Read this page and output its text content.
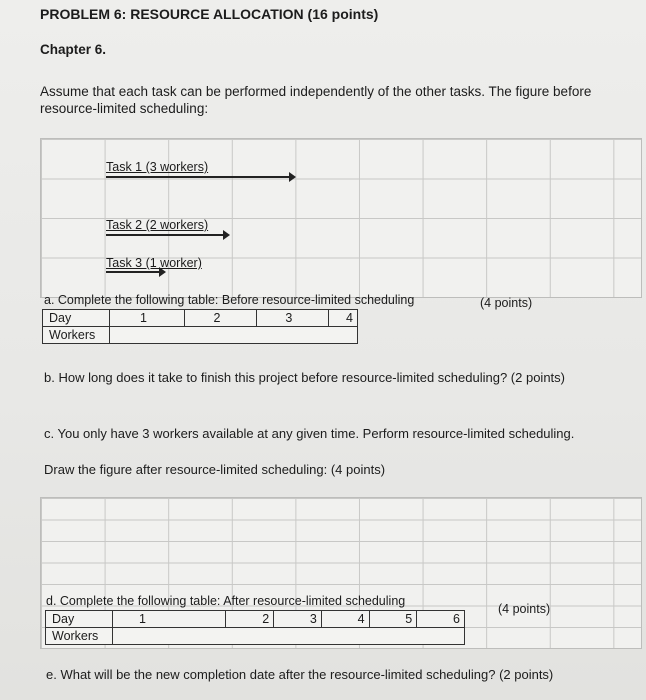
PROBLEM 6: RESOURCE ALLOCATION (16 points)
Chapter 6.
Assume that each task can be performed independently of the other tasks. The figure before
resource-limited scheduling:
Task 1 (3 workers)
Task 2 (2 workers)
Task 3 (1 worker)
a. Complete the following table: Before resource-limited scheduling	(4 points)
Day	1	2	3	4
Workers				
b. How long does it take to finish this project before resource-limited scheduling? (2 points)
c. You only have 3 workers available at any given time. Perform resource-limited scheduling.
Draw the figure after resource-limited scheduling: (4 points)
d. Complete the following table: After resource-limited scheduling
(4 points)
Day	1	2	3	4	5	6
Workers						
e. What will be the new completion date after the resource-limited scheduling? (2 points)
